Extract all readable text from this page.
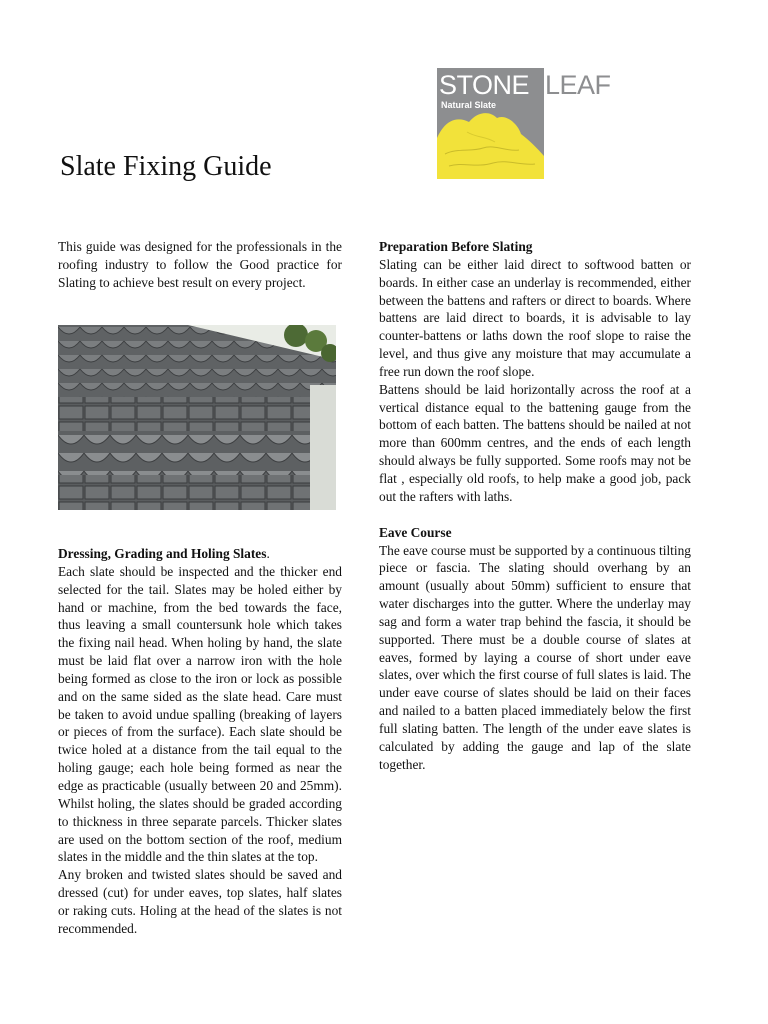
STONE
Natural Slate
LEAF
Slate Fixing Guide

This guide was designed for the professionals in the roofing industry to follow the Good practice for Slating to achieve best result on every project.

Dressing, Grading and Holing Slates.

Each slate should be inspected and the thicker end selected for the tail. Slates may be holed either by hand or machine, from the bed towards the face, thus leaving a small countersunk hole which takes the fixing nail head. When holing by hand, the slate must be laid flat over a narrow iron with the hole being formed as close to the iron or lock as possible and on the same sided as the slate head. Care must be taken to avoid undue spalling (breaking of layers or pieces of from the surface). Each slate should be twice holed at a distance from the tail equal to the holing gauge; each hole being formed as near the edge as practicable (usually between 20 and 25mm). Whilst holing, the slates should be graded according to thickness in three separate parcels. Thicker slates are used on the bottom section of the roof, medium slates in the middle and the thin slates at the top.

Any broken and twisted slates should be saved and dressed (cut) for under eaves, top slates, half slates or raking cuts. Holing at the head of the slates is not recommended.

Preparation Before Slating

Slating can be either laid direct to softwood batten or boards. In either case an underlay is recommended, either between the battens and rafters or direct to boards. Where battens are laid direct to boards, it is advisable to lay counter-battens or laths down the roof slope to raise the level, and thus give any moisture that may accumulate a free run down the roof slope.

Battens should be laid horizontally across the roof at a vertical distance equal to the battening gauge from the bottom of each batten. The battens should be nailed at not more than 600mm centres, and the ends of each length should always be fully supported. Some roofs may not be flat , especially old roofs, to help make a good job, pack out the rafters with laths.

Eave Course

The eave course must be supported by a continuous tilting piece or fascia. The slating should overhang by an amount (usually about 50mm) sufficient to ensure that water discharges into the gutter. Where the underlay may sag and form a water trap behind the fascia, it should be supported. There must be a double course of slates at eaves, formed by laying a course of short under eave slates, over which the first course of full slates is laid. The under eave course of slates should be laid on their faces and nailed to a batten placed immediately below the first full slating batten. The length of the under eave slates is calculated by adding the gauge and lap of the slate together.
